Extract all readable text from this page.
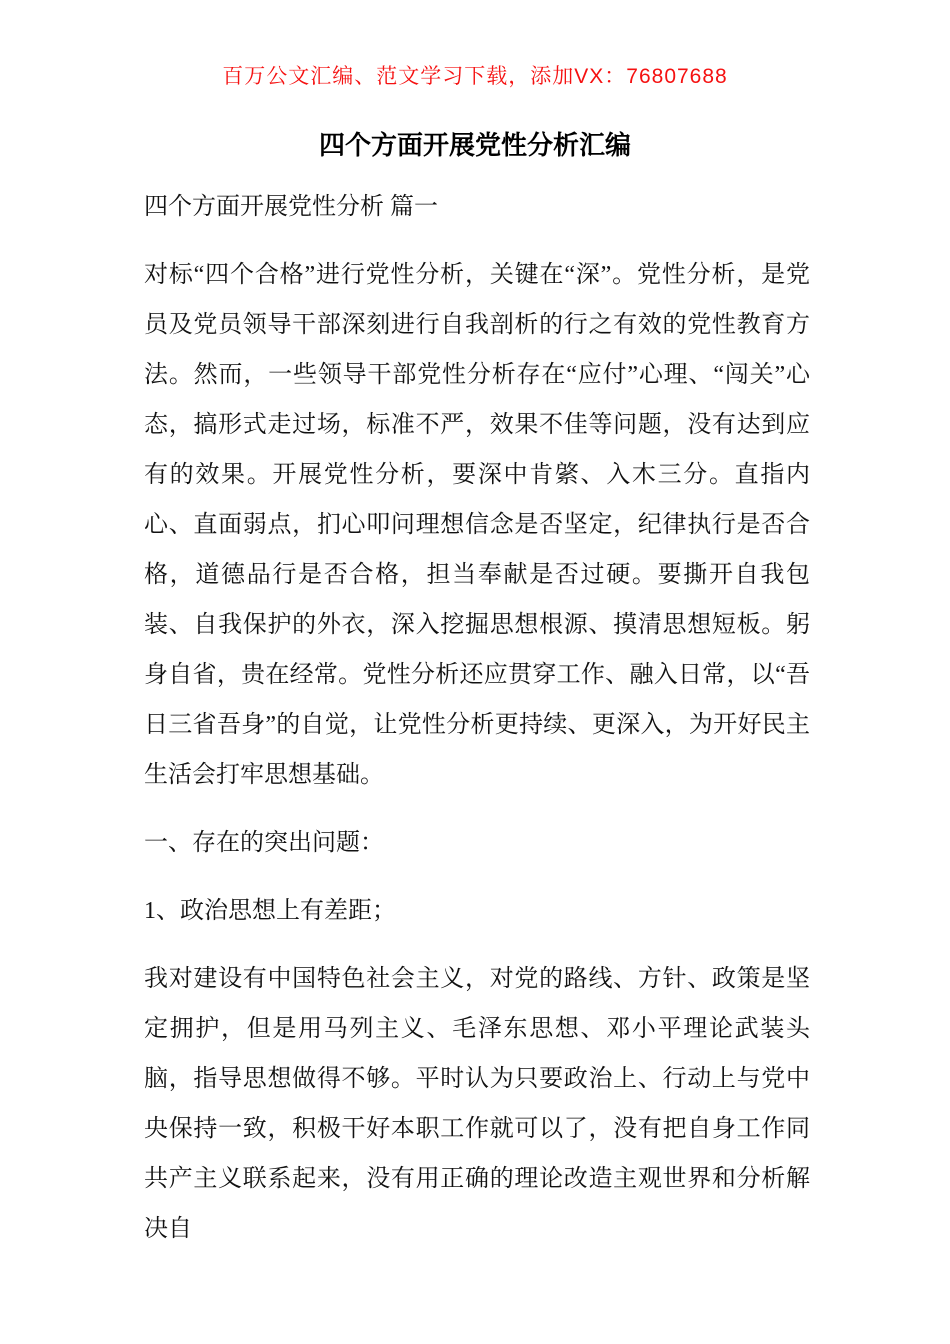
百万公文汇编、范文学习下载，添加VX：76807688
四个方面开展党性分析汇编

四个方面开展党性分析 篇一

对标“四个合格”进行党性分析，关键在“深”。党性分析，是党员及党员领导干部深刻进行自我剖析的行之有效的党性教育方法。然而，一些领导干部党性分析存在“应付”心理、“闯关”心态，搞形式走过场，标准不严，效果不佳等问题，没有达到应有的效果。开展党性分析，要深中肯綮、入木三分。直指内心、直面弱点，扪心叩问理想信念是否坚定，纪律执行是否合格，道德品行是否合格，担当奉献是否过硬。要撕开自我包装、自我保护的外衣，深入挖掘思想根源、摸清思想短板。躬身自省，贵在经常。党性分析还应贯穿工作、融入日常，以“吾日三省吾身”的自觉，让党性分析更持续、更深入，为开好民主生活会打牢思想基础。

一、存在的突出问题：

1、政治思想上有差距；

我对建设有中国特色社会主义，对党的路线、方针、政策是坚定拥护，但是用马列主义、毛泽东思想、邓小平理论武装头脑，指导思想做得不够。平时认为只要政治上、行动上与党中央保持一致，积极干好本职工作就可以了，没有把自身工作同共产主义联系起来，没有用正确的理论改造主观世界和分析解决自
